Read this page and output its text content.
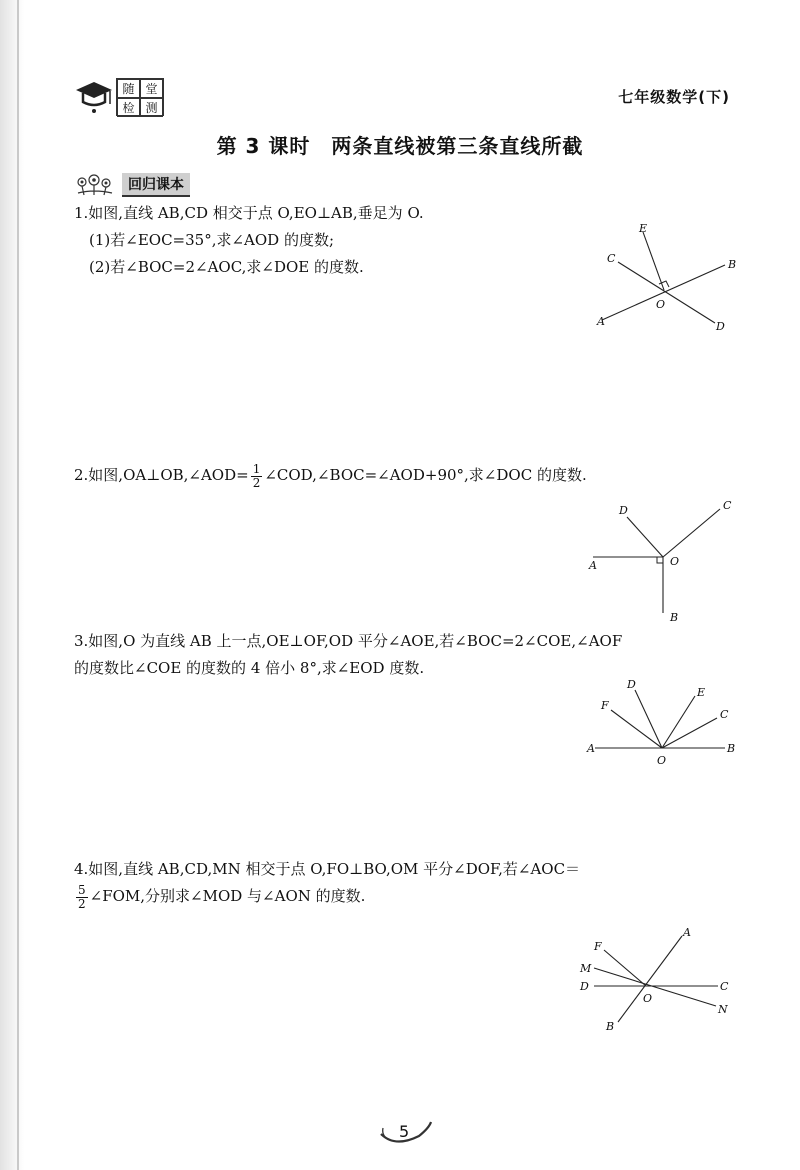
随 堂
检 测
七年级数学(下)
第 3 课时　两条直线被第三条直线所截
回归课本

1.如图,直线 AB,CD 相交于点 O,EO⊥AB,垂足为 O.

(1)若∠EOC=35°,求∠AOD 的度数;

(2)若∠BOC=2∠AOC,求∠DOE 的度数.

E
C	B
O
A	D

2.如图,OA⊥OB,∠AOD= $\frac{1}{2}$ ∠COD,∠BOC=∠AOD+90°,求∠DOC 的度数.

D	C
O
A
B

3.如图,O 为直线 AB 上一点,OE⊥OF,OD 平分∠AOE,若∠BOC=2∠COE,∠AOF

的度数比∠COE 的度数的 4 倍小 8°,求∠EOD 度数.

D
E
F
C
A	B
O

4.如图,直线 AB,CD,MN 相交于点 O,FO⊥BO,OM 平分∠DOF,若∠AOC＝

$\frac{5}{2}$ ∠FOM,分别求∠MOD 与∠AON 的度数.

A
F
M
D	C
O
N
B
5
